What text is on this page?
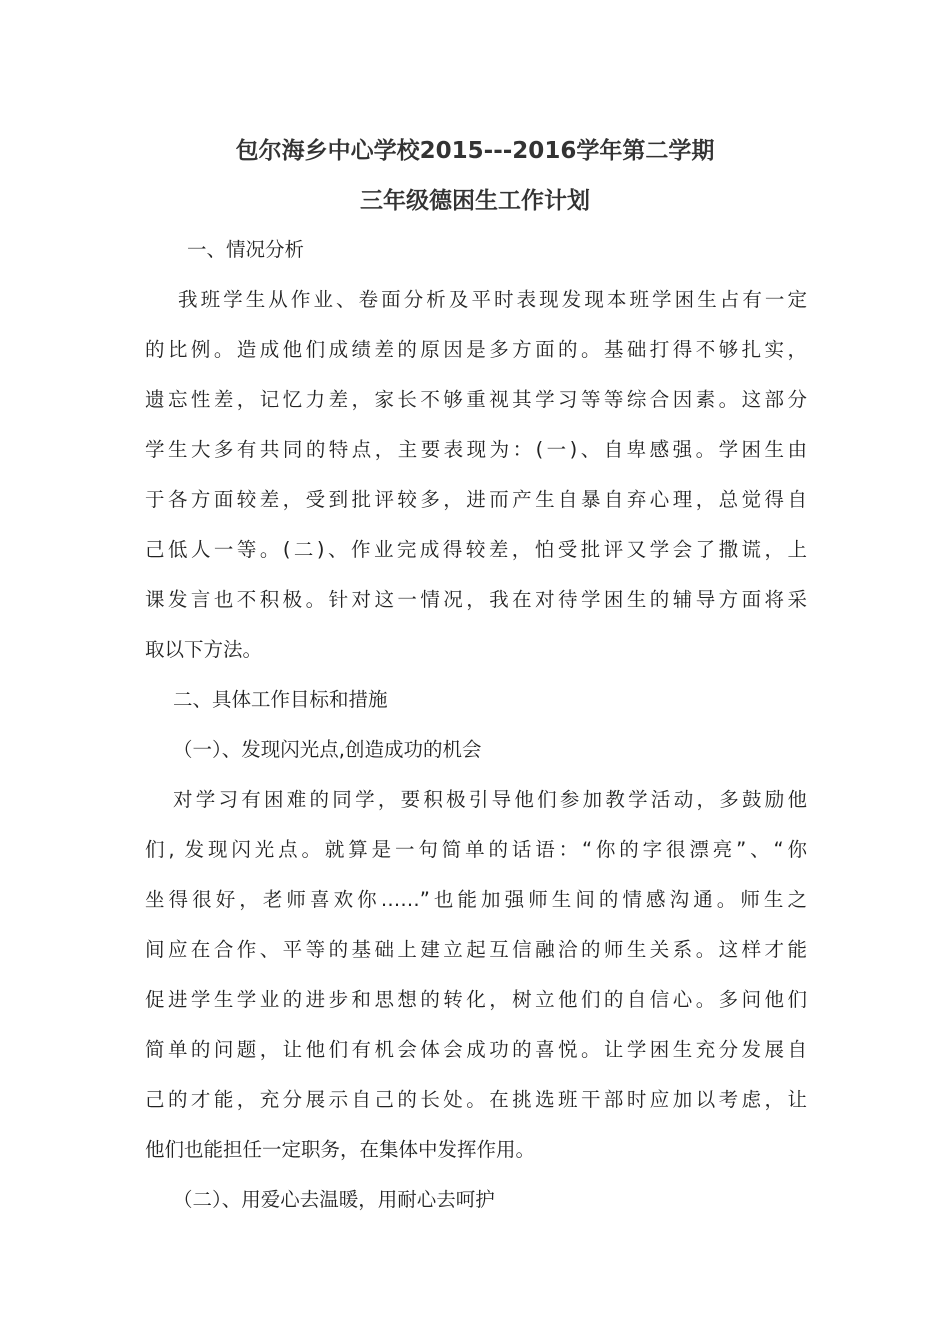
包尔海乡中心学校2015---2016学年第二学期
三年级德困生工作计划
一、情况分析
我班学生从作业、卷面分析及平时表现发现本班学困生占有一定
的比例。造成他们成绩差的原因是多方面的。基础打得不够扎实，
遗忘性差，记忆力差，家长不够重视其学习等等综合因素。这部分
学生大多有共同的特点，主要表现为：(一)、自卑感强。学困生由
于各方面较差，受到批评较多，进而产生自暴自弃心理，总觉得自
己低人一等。(二)、作业完成得较差，怕受批评又学会了撒谎，上
课发言也不积极。针对这一情况，我在对待学困生的辅导方面将采
取以下方法。
二、具体工作目标和措施
（一）、发现闪光点,创造成功的机会
对学习有困难的同学，要积极引导他们参加教学活动，多鼓励他
们, 发现闪光点。就算是一句简单的话语：“你的字很漂亮”、“你
坐得很好，老师喜欢你……”也能加强师生间的情感沟通。师生之
间应在合作、平等的基础上建立起互信融洽的师生关系。这样才能
促进学生学业的进步和思想的转化，树立他们的自信心。多问他们
简单的问题，让他们有机会体会成功的喜悦。让学困生充分发展自
己的才能，充分展示自己的长处。在挑选班干部时应加以考虑，让
他们也能担任一定职务，在集体中发挥作用。
（二）、用爱心去温暖，用耐心去呵护
